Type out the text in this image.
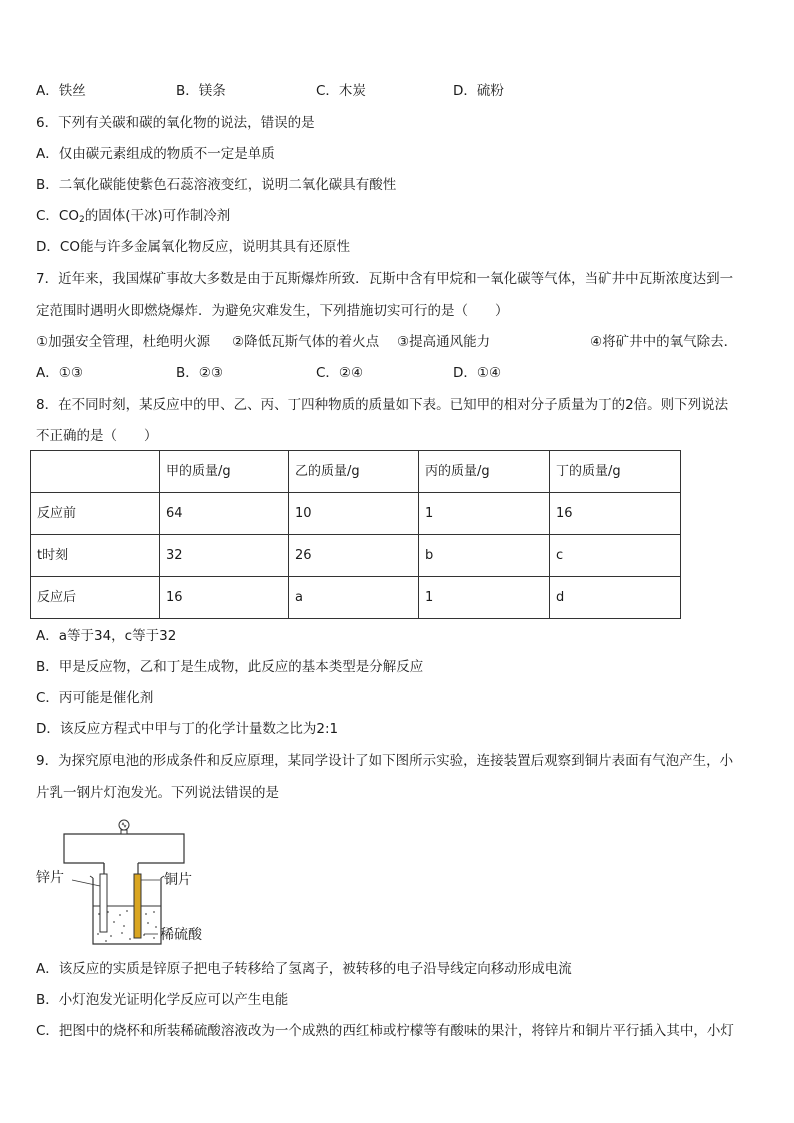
A．铁丝	B．镁条	C．木炭	D．硫粉
6．下列有关碳和碳的氧化物的说法，错误的是
A．仅由碳元素组成的物质不一定是单质
B．二氧化碳能使紫色石蕊溶液变红，说明二氧化碳具有酸性
C．$CO_2$的固体(干冰)可作制冷剂
D．CO能与许多金属氧化物反应，说明其具有还原性
7．近年来，我国煤矿事故大多数是由于瓦斯爆炸所致．瓦斯中含有甲烷和一氧化碳等气体，当矿井中瓦斯浓度达到一
定范围时遇明火即燃烧爆炸．为避免灾难发生，下列措施切实可行的是（　　）
①加强安全管理，杜绝明火源 ②降低瓦斯气体的着火点 ③提高通风能力	④将矿井中的氧气除去．
A．①③	B．②③	C．②④	D．①④
8．在不同时刻，某反应中的甲、乙、丙、丁四种物质的质量如下表。已知甲的相对分子质量为丁的2倍。则下列说法
不正确的是（　　）
	甲的质量/g	乙的质量/g	丙的质量/g	丁的质量/g
反应前	64	10	1	16
t时刻	32	26	b	c
反应后	16	a	1	d
A．a等于34，c等于32
B．甲是反应物，乙和丁是生成物，此反应的基本类型是分解反应
C．丙可能是催化剂
D．该反应方程式中甲与丁的化学计量数之比为2:1
9．为探究原电池的形成条件和反应原理，某同学设计了如下图所示实验，连接装置后观察到铜片表面有气泡产生，小
片乳一钢片灯泡发光。下列说法错误的是
锌片	铜片
稀硫酸
A．该反应的实质是锌原子把电子转移给了氢离子，被转移的电子沿导线定向移动形成电流
B．小灯泡发光证明化学反应可以产生电能
C．把图中的烧杯和所装稀硫酸溶液改为一个成熟的西红柿或柠檬等有酸味的果汁，将锌片和铜片平行插入其中，小灯
